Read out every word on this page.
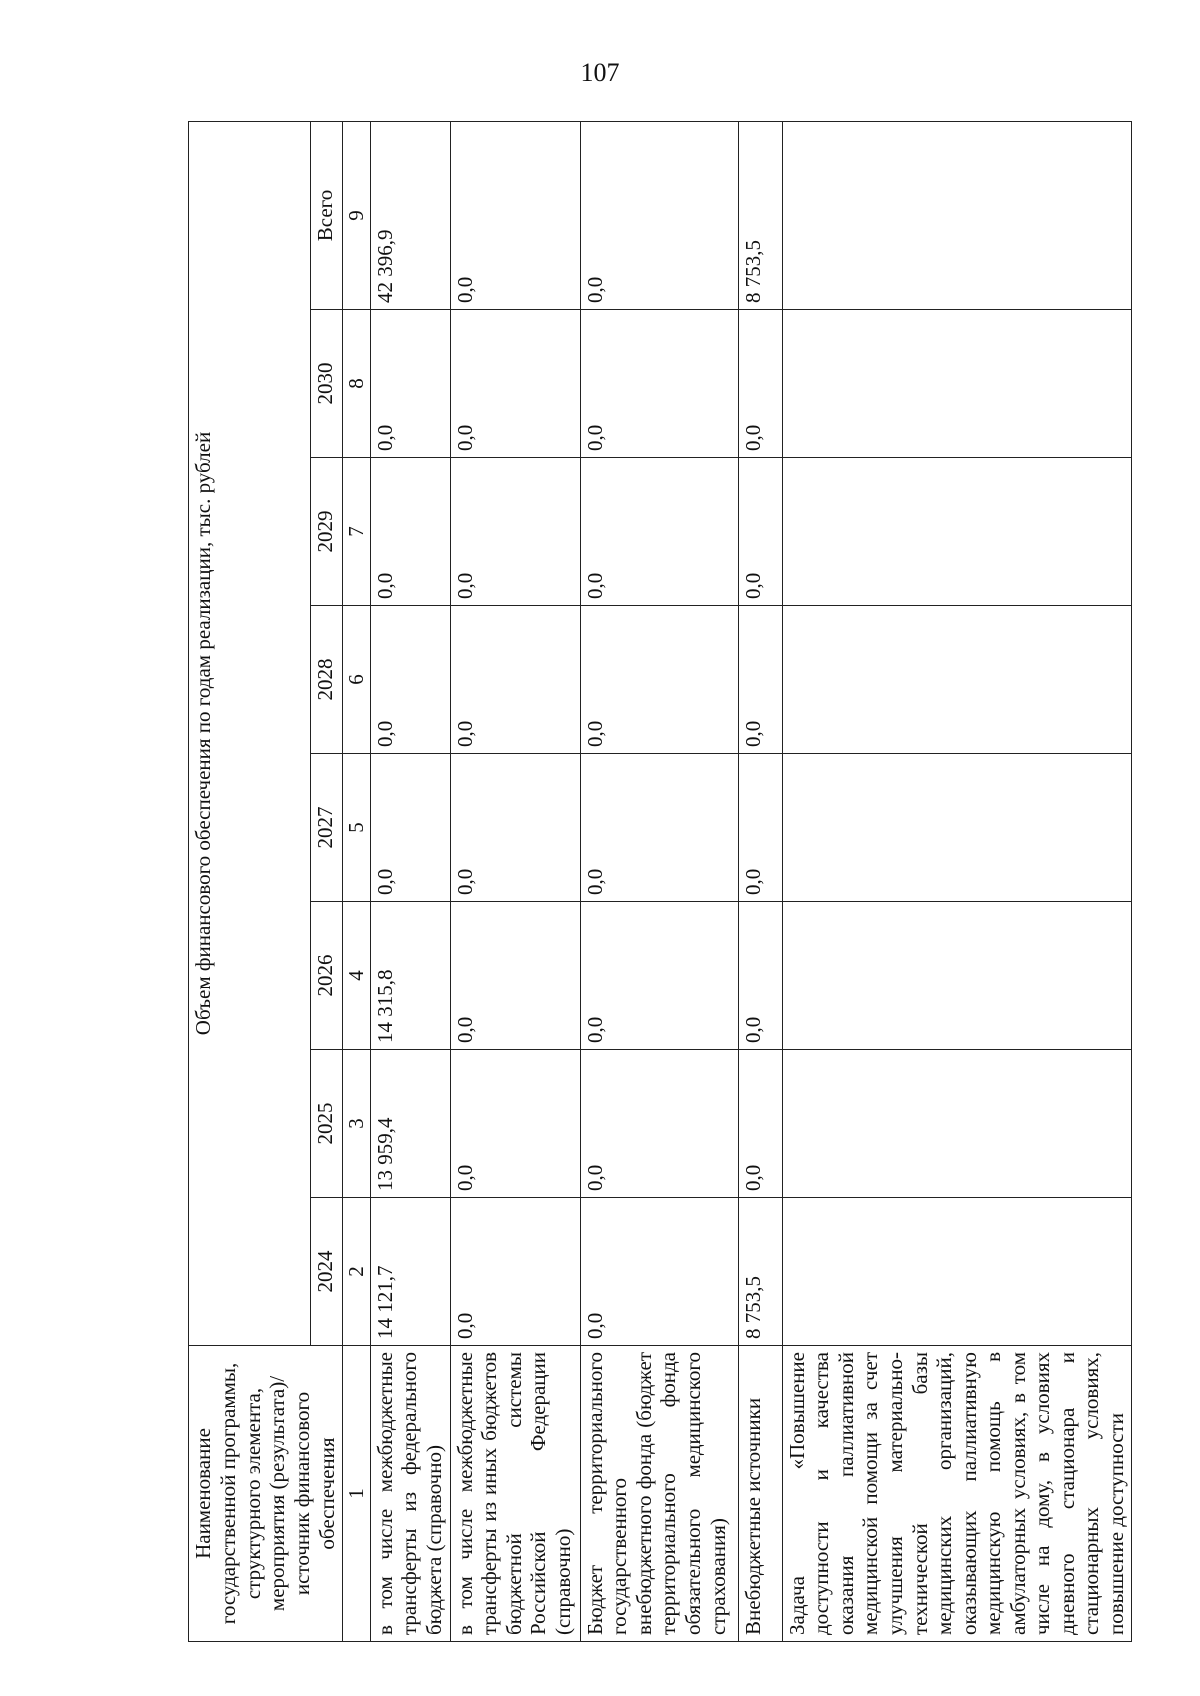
107
Наименование государственной программы, структурного элемента, мероприятия (результата)/источник финансового обеспечения	Объем финансового обеспечения по годам реализации, тыс. рублей							
	2024	2025	2026	2027	2028	2029	2030	Всего
1	2	3	4	5	6	7	8	9
в том числе межбюджетные трансферты из федерального бюджета (справочно)	14 121,7	13 959,4	14 315,8	0,0	0,0	0,0	0,0	42 396,9
в том числе межбюджетные трансферты из иных бюджетов бюджетной системы Российской Федерации (справочно)	0,0	0,0	0,0	0,0	0,0	0,0	0,0	0,0
Бюджет территориального государственного внебюджетного фонда (бюджет территориального фонда обязательного медицинского страхования)	0,0	0,0	0,0	0,0	0,0	0,0	0,0	0,0
Внебюджетные источники	8 753,5	0,0	0,0	0,0	0,0	0,0	0,0	8 753,5
Задача «Повышение доступности и качества оказания паллиативной медицинской помощи за счет улучшения материально-технической базы медицинских организаций, оказывающих паллиативную медицинскую помощь в амбулаторных условиях, в том числе на дому, в условиях дневного стационара и стационарных условиях, повышение доступности								
